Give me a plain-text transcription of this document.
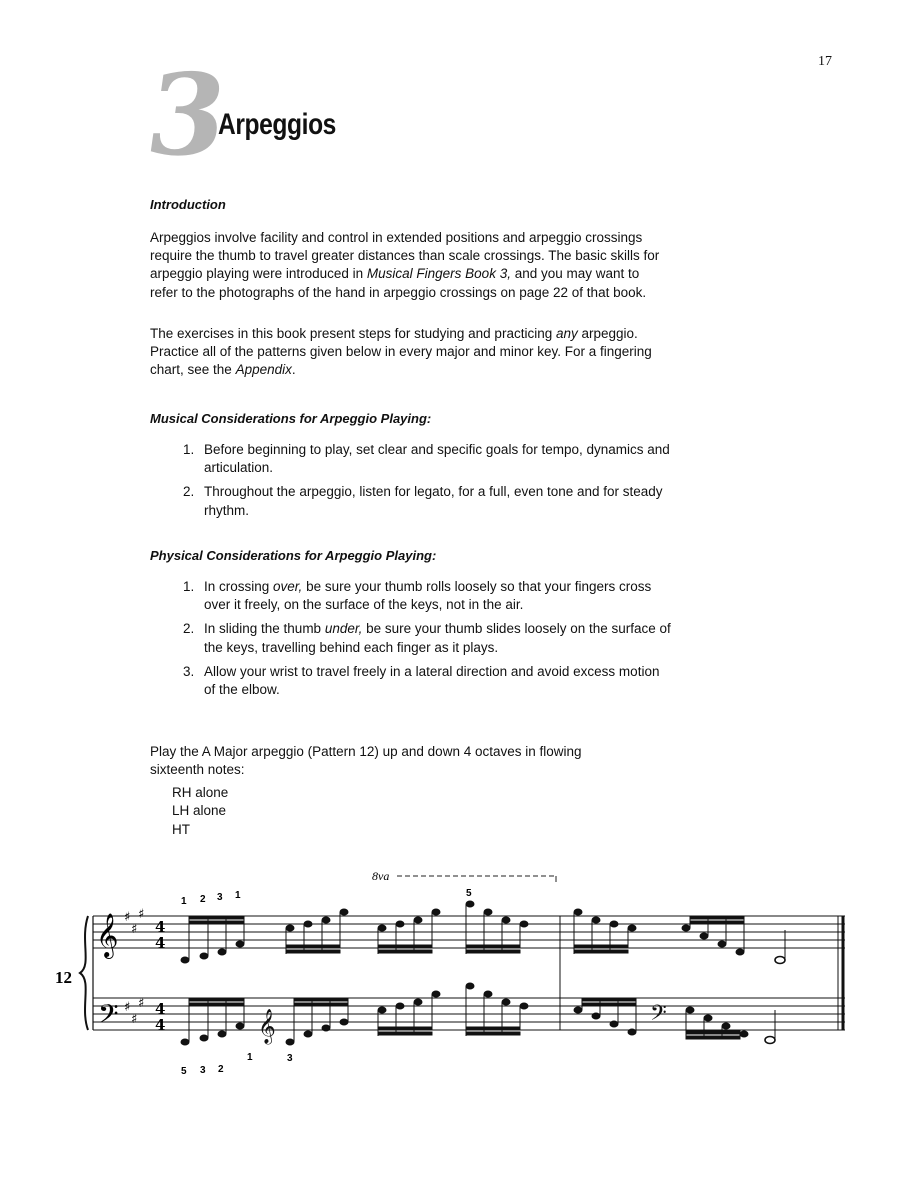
17
3
Arpeggios
Introduction
Arpeggios involve facility and control in extended positions and arpeggio crossings require the thumb to travel greater distances than scale crossings. The basic skills for arpeggio playing were introduced in Musical Fingers Book 3, and you may want to refer to the photographs of the hand in arpeggio crossings on page 22 of that book.
The exercises in this book present steps for studying and practicing any arpeggio. Practice all of the patterns given below in every major and minor key. For a fingering chart, see the Appendix.
Musical Considerations for Arpeggio Playing:
1. Before beginning to play, set clear and specific goals for tempo, dynamics and articulation.
2. Throughout the arpeggio, listen for legato, for a full, even tone and for steady rhythm.
Physical Considerations for Arpeggio Playing:
1. In crossing over, be sure your thumb rolls loosely so that your fingers cross over it freely, on the surface of the keys, not in the air.
2. In sliding the thumb under, be sure your thumb slides loosely on the surface of the keys, travelling behind each finger as it plays.
3. Allow your wrist to travel freely in a lateral direction and avoid excess motion of the elbow.
Play the A Major arpeggio (Pattern 12) up and down 4 octaves in flowing sixteenth notes:
RH alone
LH alone
HT
8va
12
𝄞
𝄢
♯
♯
♯
♯
♯
♯
4
4
4
4
1 2 3 1	5
5 3 2
1	3
𝄞	𝄢
